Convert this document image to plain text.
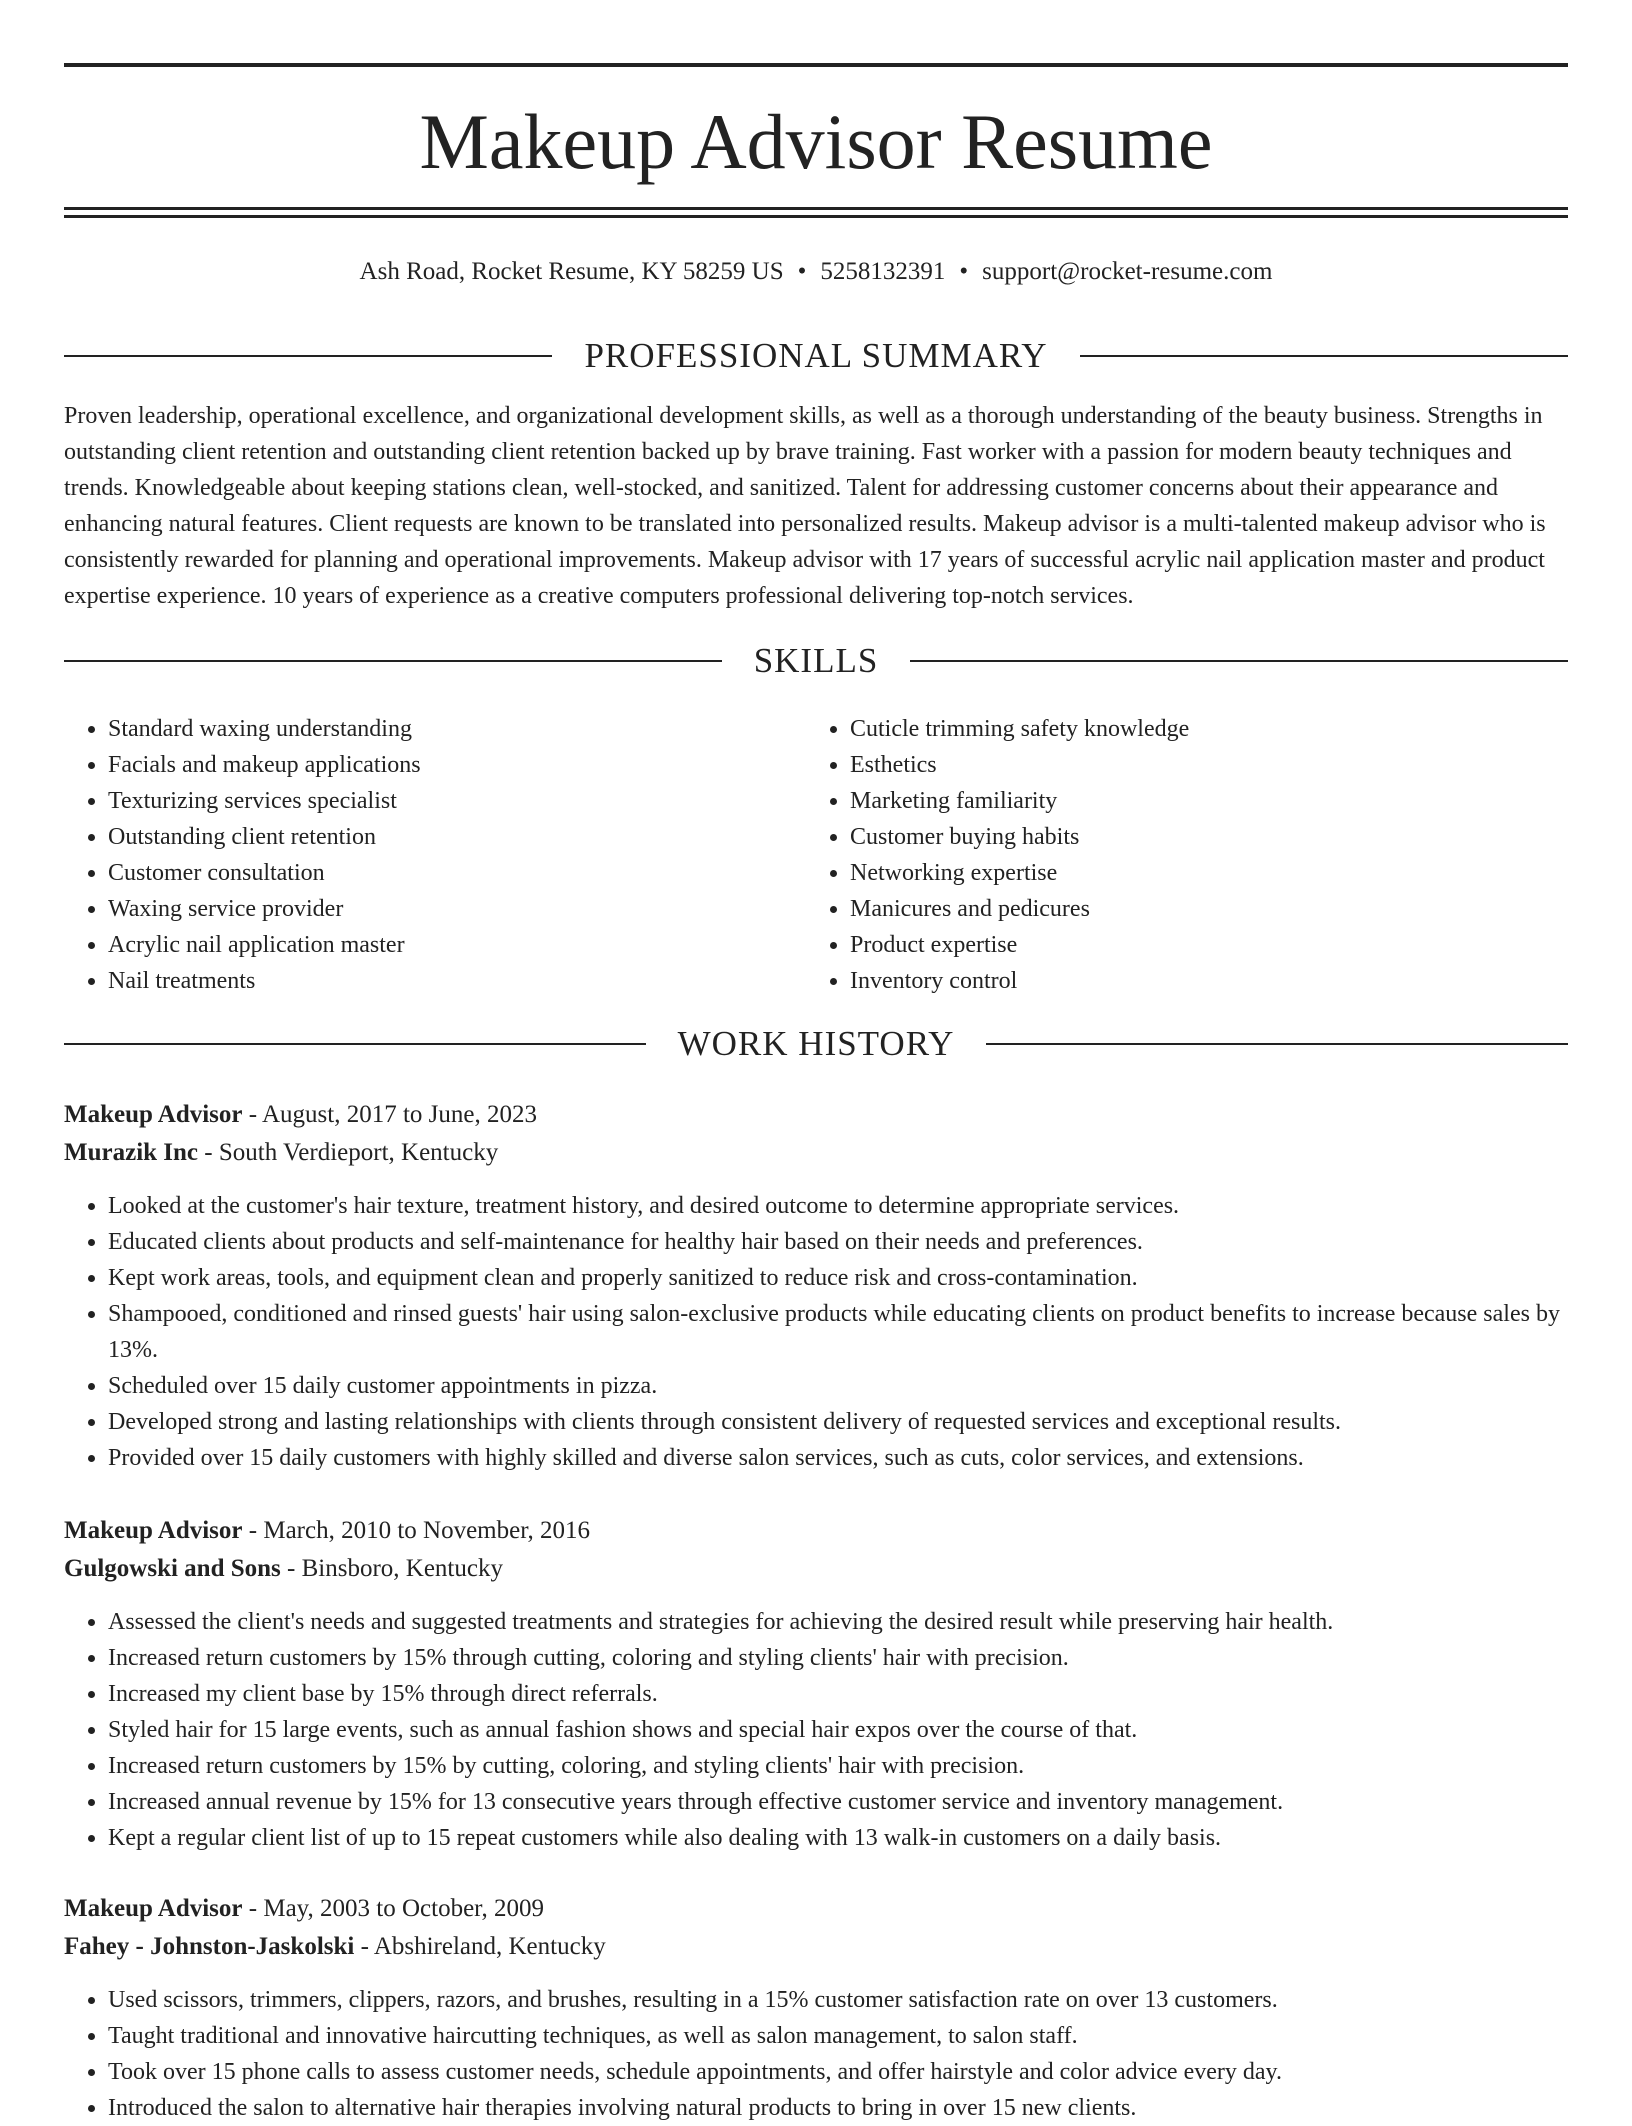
Makeup Advisor Resume
Ash Road, Rocket Resume, KY 58259 US • 5258132391 • support@rocket-resume.com
PROFESSIONAL SUMMARY

Proven leadership, operational excellence, and organizational development skills, as well as a thorough understanding of the beauty business. Strengths in outstanding client retention and outstanding client retention backed up by brave training. Fast worker with a passion for modern beauty techniques and trends. Knowledgeable about keeping stations clean, well-stocked, and sanitized. Talent for addressing customer concerns about their appearance and enhancing natural features. Client requests are known to be translated into personalized results. Makeup advisor is a multi-talented makeup advisor who is consistently rewarded for planning and operational improvements. Makeup advisor with 17 years of successful acrylic nail application master and product expertise experience. 10 years of experience as a creative computers professional delivering top-notch services.

SKILLS
• Standard waxing understanding
• Facials and makeup applications
• Texturizing services specialist
• Outstanding client retention
• Customer consultation
• Waxing service provider
• Acrylic nail application master
• Nail treatments
• Cuticle trimming safety knowledge
• Esthetics
• Marketing familiarity
• Customer buying habits
• Networking expertise
• Manicures and pedicures
• Product expertise
• Inventory control
WORK HISTORY

Makeup Advisor - August, 2017 to June, 2023

Murazik Inc - South Verdieport, Kentucky

• Looked at the customer's hair texture, treatment history, and desired outcome to determine appropriate services.
• Educated clients about products and self-maintenance for healthy hair based on their needs and preferences.
• Kept work areas, tools, and equipment clean and properly sanitized to reduce risk and cross-contamination.
• Shampooed, conditioned and rinsed guests' hair using salon-exclusive products while educating clients on product benefits to increase because sales by 13%.
• Scheduled over 15 daily customer appointments in pizza.
• Developed strong and lasting relationships with clients through consistent delivery of requested services and exceptional results.
• Provided over 15 daily customers with highly skilled and diverse salon services, such as cuts, color services, and extensions.

Makeup Advisor - March, 2010 to November, 2016

Gulgowski and Sons - Binsboro, Kentucky

• Assessed the client's needs and suggested treatments and strategies for achieving the desired result while preserving hair health.
• Increased return customers by 15% through cutting, coloring and styling clients' hair with precision.
• Increased my client base by 15% through direct referrals.
• Styled hair for 15 large events, such as annual fashion shows and special hair expos over the course of that.
• Increased return customers by 15% by cutting, coloring, and styling clients' hair with precision.
• Increased annual revenue by 15% for 13 consecutive years through effective customer service and inventory management.
• Kept a regular client list of up to 15 repeat customers while also dealing with 13 walk-in customers on a daily basis.

Makeup Advisor - May, 2003 to October, 2009

Fahey - Johnston-Jaskolski - Abshireland, Kentucky

• Used scissors, trimmers, clippers, razors, and brushes, resulting in a 15% customer satisfaction rate on over 13 customers.
• Taught traditional and innovative haircutting techniques, as well as salon management, to salon staff.
• Took over 15 phone calls to assess customer needs, schedule appointments, and offer hairstyle and color advice every day.
• Introduced the salon to alternative hair therapies involving natural products to bring in over 15 new clients.
